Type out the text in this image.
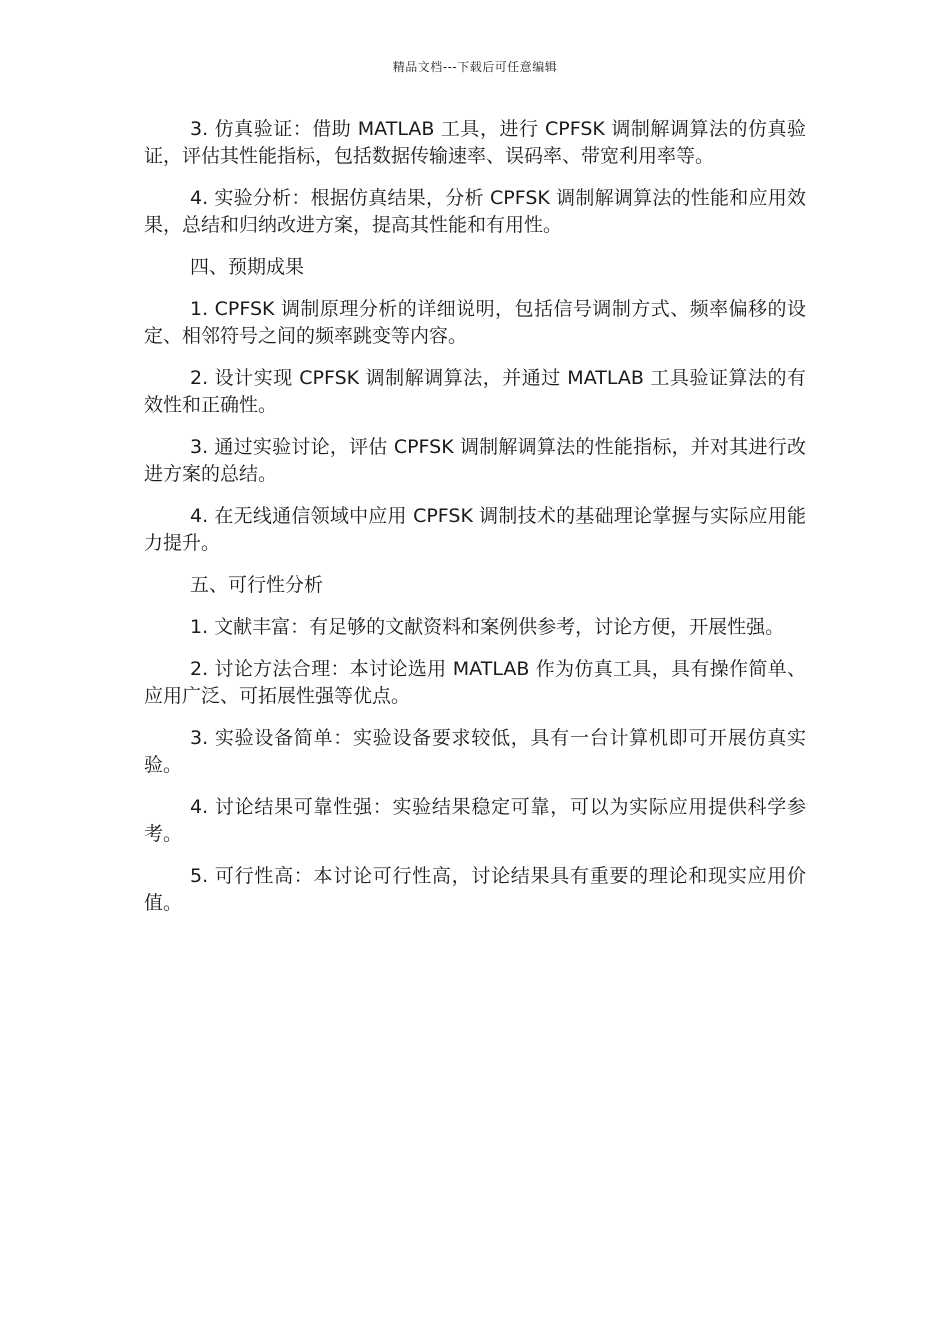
精品文档---下载后可任意编辑

3. 仿真验证：借助 MATLAB 工具，进行 CPFSK 调制解调算法的仿真验证，评估其性能指标，包括数据传输速率、误码率、带宽利用率等。

4. 实验分析：根据仿真结果，分析 CPFSK 调制解调算法的性能和应用效果，总结和归纳改进方案，提高其性能和有用性。

四、预期成果

1. CPFSK 调制原理分析的详细说明，包括信号调制方式、频率偏移的设定、相邻符号之间的频率跳变等内容。

2. 设计实现 CPFSK 调制解调算法，并通过 MATLAB 工具验证算法的有效性和正确性。

3. 通过实验讨论，评估 CPFSK 调制解调算法的性能指标，并对其进行改进方案的总结。

4. 在无线通信领域中应用 CPFSK 调制技术的基础理论掌握与实际应用能力提升。

五、可行性分析

1. 文献丰富：有足够的文献资料和案例供参考，讨论方便，开展性强。

2. 讨论方法合理：本讨论选用 MATLAB 作为仿真工具，具有操作简单、应用广泛、可拓展性强等优点。

3. 实验设备简单：实验设备要求较低，具有一台计算机即可开展仿真实验。

4. 讨论结果可靠性强：实验结果稳定可靠，可以为实际应用提供科学参考。

5. 可行性高：本讨论可行性高，讨论结果具有重要的理论和现实应用价值。
